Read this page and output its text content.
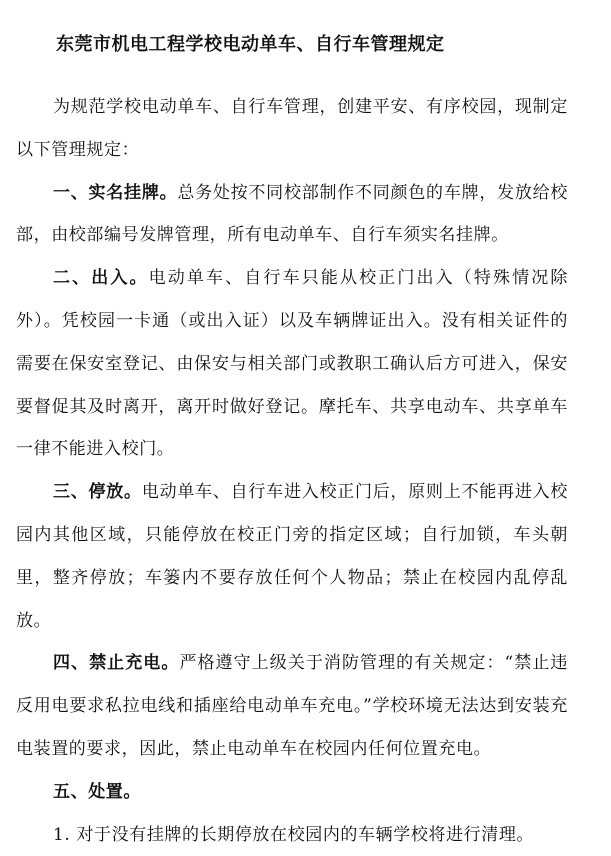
东莞市机电工程学校电动单车、自行车管理规定

为规范学校电动单车、自行车管理，创建平安、有序校园，现制定以下管理规定：

一、实名挂牌。总务处按不同校部制作不同颜色的车牌，发放给校部，由校部编号发牌管理，所有电动单车、自行车须实名挂牌。

二、出入。电动单车、自行车只能从校正门出入（特殊情况除外）。凭校园一卡通（或出入证）以及车辆牌证出入。没有相关证件的需要在保安室登记、由保安与相关部门或教职工确认后方可进入，保安要督促其及时离开，离开时做好登记。摩托车、共享电动车、共享单车一律不能进入校门。

三、停放。电动单车、自行车进入校正门后，原则上不能再进入校园内其他区域，只能停放在校正门旁的指定区域；自行加锁，车头朝里，整齐停放；车篓内不要存放任何个人物品；禁止在校园内乱停乱放。

四、禁止充电。严格遵守上级关于消防管理的有关规定：“禁止违反用电要求私拉电线和插座给电动单车充电。”学校环境无法达到安装充电装置的要求，因此，禁止电动单车在校园内任何位置充电。

五、处置。

1. 对于没有挂牌的长期停放在校园内的车辆学校将进行清理。
